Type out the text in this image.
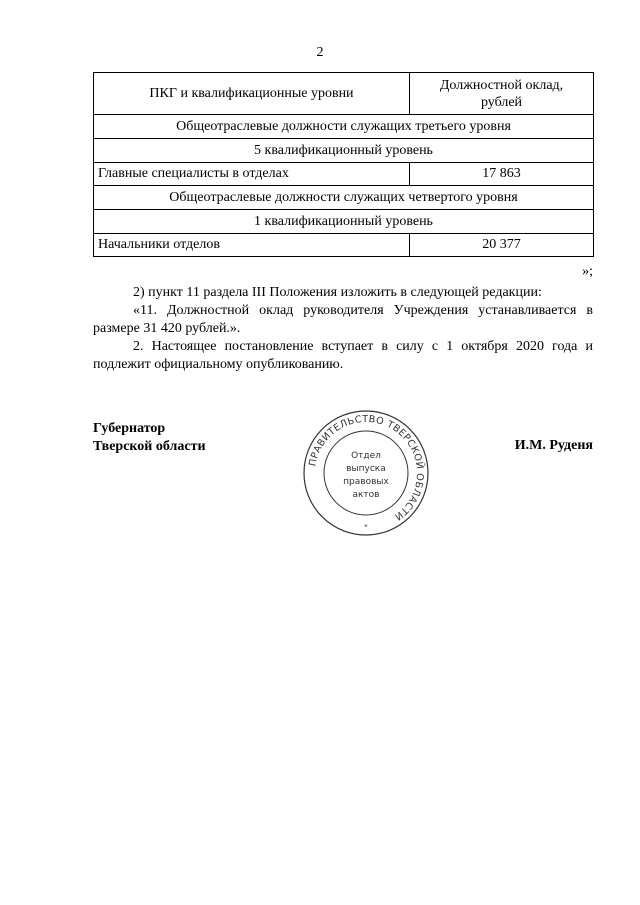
2
ПКГ и квалификационные уровни	Должностной оклад,
рублей
Общеотраслевые должности служащих третьего уровня	
5 квалификационный уровень	
Главные специалисты в отделах	17 863
Общеотраслевые должности служащих четвертого уровня	
1 квалификационный уровень	
Начальники отделов	20 377
»;
2) пункт 11 раздела III Положения изложить в следующей редакции:
«11. Должностной оклад руководителя Учреждения устанавливается в размере 31 420 рублей.».
2. Настоящее постановление вступает в силу с 1 октября 2020 года и подлежит официальному опубликованию.
Губернатор
Тверской области	И.М. Руденя
ПРАВИТЕЛЬСТВО ТВЕРСКОЙ ОБЛАСТИ
Отдел
выпуска
правовых
актов
*
